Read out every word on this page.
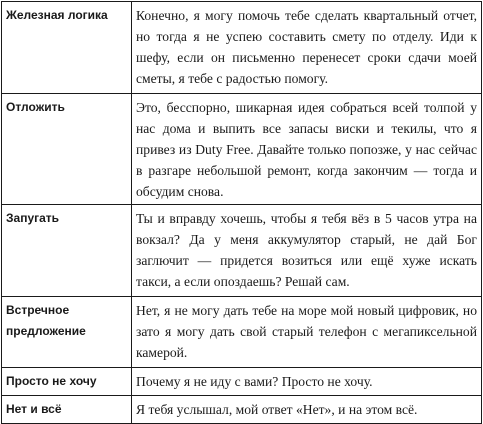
Железная логика	Конечно, я могу помочь тебе сделать квартальный отчет, но тогда я не успею составить смету по отделу. Иди к шефу, если он письменно перенесет сроки сдачи моей сметы, я тебе с радостью помогу.
Отложить	Это, бесспорно, шикарная идея собраться всей толпой у нас дома и выпить все запасы виски и текилы, что я привез из Duty Free. Давайте только попозже, у нас сейчас в разгаре небольшой ремонт, когда закончим — тогда и обсудим снова.
Запугать	Ты и вправду хочешь, чтобы я тебя вёз в 5 часов утра на вокзал? Да у меня аккумулятор старый, не дай Бог заглючит — придется возиться или ещё хуже искать такси, а если опоздаешь? Решай сам.
Встречное предложение	Нет, я не могу дать тебе на море мой новый цифровик, но зато я могу дать свой старый телефон с мегапиксельной камерой.
Просто не хочу	Почему я не иду с вами? Просто не хочу.
Нет и всё	Я тебя услышал, мой ответ «Нет», и на этом всё.
